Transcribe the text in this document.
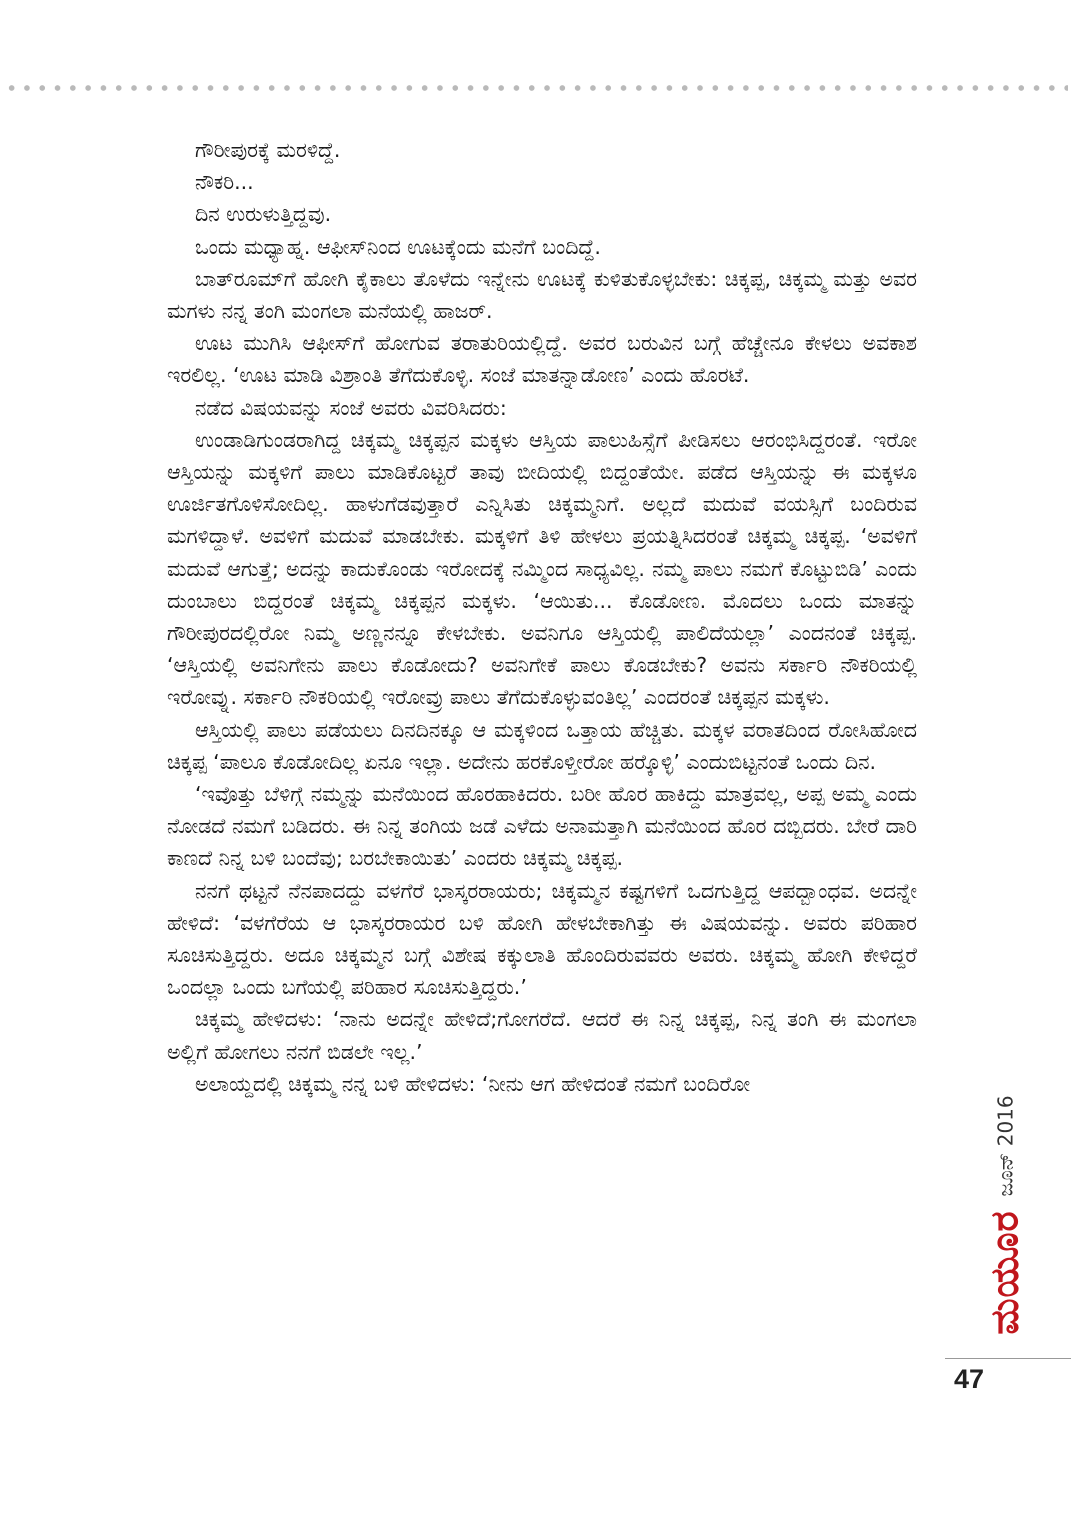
ಗೌರೀಪುರಕ್ಕೆ ಮರಳಿದ್ದೆ.

ನೌಕರಿ...

ದಿನ ಉರುಳುತ್ತಿದ್ದವು.

ಒಂದು ಮಧ್ಯಾಹ್ನ. ಆಫೀಸ್‌ನಿಂದ ಊಟಕ್ಕೆಂದು ಮನೆಗೆ ಬಂದಿದ್ದೆ.

ಬಾತ್‌ರೂಮ್‌ಗೆ ಹೋಗಿ ಕೈಕಾಲು ತೊಳೆದು ಇನ್ನೇನು ಊಟಕ್ಕೆ ಕುಳಿತುಕೊಳ್ಳಬೇಕು: ಚಿಕ್ಕಪ್ಪ, ಚಿಕ್ಕಮ್ಮ ಮತ್ತು ಅವರ ಮಗಳು ನನ್ನ ತಂಗಿ ಮಂಗಲಾ ಮನೆಯಲ್ಲಿ ಹಾಜರ್.

ಊಟ ಮುಗಿಸಿ ಆಫೀಸ್‌ಗೆ ಹೋಗುವ ತರಾತುರಿಯಲ್ಲಿದ್ದೆ. ಅವರ ಬರುವಿನ ಬಗ್ಗೆ ಹೆಚ್ಚೇನೂ ಕೇಳಲು ಅವಕಾಶ ಇರಲಿಲ್ಲ. ‘ಊಟ ಮಾಡಿ ವಿಶ್ರಾಂತಿ ತೆಗೆದುಕೊಳ್ಳಿ. ಸಂಜೆ ಮಾತನ್ನಾಡೋಣ’ ಎಂದು ಹೊರಟೆ.

ನಡೆದ ವಿಷಯವನ್ನು ಸಂಜೆ ಅವರು ವಿವರಿಸಿದರು:

ಉಂಡಾಡಿಗುಂಡರಾಗಿದ್ದ ಚಿಕ್ಕಮ್ಮ ಚಿಕ್ಕಪ್ಪನ ಮಕ್ಕಳು ಆಸ್ತಿಯ ಪಾಲುಹಿಸ್ಸೆಗೆ ಪೀಡಿಸಲು ಆರಂಭಿಸಿದ್ದರಂತೆ. ಇರೋ ಆಸ್ತಿಯನ್ನು ಮಕ್ಕಳಿಗೆ ಪಾಲು ಮಾಡಿಕೊಟ್ಟರೆ ತಾವು ಬೀದಿಯಲ್ಲಿ ಬಿದ್ದಂತೆಯೇ. ಪಡೆದ ಆಸ್ತಿಯನ್ನು ಈ ಮಕ್ಕಳೂ ಊರ್ಜಿತಗೊಳಿಸೋದಿಲ್ಲ. ಹಾಳುಗೆಡವುತ್ತಾರೆ ಎನ್ನಿಸಿತು ಚಿಕ್ಕಮ್ಮನಿಗೆ. ಅಲ್ಲದೆ ಮದುವೆ ವಯಸ್ಸಿಗೆ ಬಂದಿರುವ ಮಗಳಿದ್ದಾಳೆ. ಅವಳಿಗೆ ಮದುವೆ ಮಾಡಬೇಕು. ಮಕ್ಕಳಿಗೆ ತಿಳಿ ಹೇಳಲು ಪ್ರಯತ್ನಿಸಿದರಂತೆ ಚಿಕ್ಕಮ್ಮ ಚಿಕ್ಕಪ್ಪ. ‘ಅವಳಿಗೆ ಮದುವೆ ಆಗುತ್ತೆ; ಅದನ್ನು ಕಾದುಕೊಂಡು ಇರೋದಕ್ಕೆ ನಮ್ಮಿಂದ ಸಾಧ್ಯವಿಲ್ಲ. ನಮ್ಮ ಪಾಲು ನಮಗೆ ಕೊಟ್ಟುಬಿಡಿ’ ಎಂದು ದುಂಬಾಲು ಬಿದ್ದರಂತೆ ಚಿಕ್ಕಮ್ಮ ಚಿಕ್ಕಪ್ಪನ ಮಕ್ಕಳು. ‘ಆಯಿತು... ಕೊಡೋಣ. ಮೊದಲು ಒಂದು ಮಾತನ್ನು ಗೌರೀಪುರದಲ್ಲಿರೋ ನಿಮ್ಮ ಅಣ್ಣನನ್ನೂ ಕೇಳಬೇಕು. ಅವನಿಗೂ ಆಸ್ತಿಯಲ್ಲಿ ಪಾಲಿದೆಯಲ್ಲಾ’ ಎಂದನಂತೆ ಚಿಕ್ಕಪ್ಪ. ‘ಆಸ್ತಿಯಲ್ಲಿ ಅವನಿಗೇನು ಪಾಲು ಕೊಡೋದು? ಅವನಿಗೇಕೆ ಪಾಲು ಕೊಡಬೇಕು? ಅವನು ಸರ್ಕಾರಿ ನೌಕರಿಯಲ್ಲಿ ಇರೋವ್ನು. ಸರ್ಕಾರಿ ನೌಕರಿಯಲ್ಲಿ ಇರೋವ್ರು ಪಾಲು ತೆಗೆದುಕೊಳ್ಳುವಂತಿಲ್ಲ’ ಎಂದರಂತೆ ಚಿಕ್ಕಪ್ಪನ ಮಕ್ಕಳು.

ಆಸ್ತಿಯಲ್ಲಿ ಪಾಲು ಪಡೆಯಲು ದಿನದಿನಕ್ಕೂ ಆ ಮಕ್ಕಳಿಂದ ಒತ್ತಾಯ ಹೆಚ್ಚಿತು. ಮಕ್ಕಳ ವರಾತದಿಂದ ರೋಸಿಹೋದ ಚಿಕ್ಕಪ್ಪ ‘ಪಾಲೂ ಕೊಡೋದಿಲ್ಲ ಏನೂ ಇಲ್ಲಾ. ಅದೇನು ಹರಕೊಳ್ತೀರೋ ಹರ್‍ಕೊಳ್ಳಿ’ ಎಂದುಬಿಟ್ಟನಂತೆ ಒಂದು ದಿನ.

‘ಇವೊತ್ತು ಬೆಳಿಗ್ಗೆ ನಮ್ಮನ್ನು ಮನೆಯಿಂದ ಹೊರಹಾಕಿದರು. ಬರೀ ಹೊರ ಹಾಕಿದ್ದು ಮಾತ್ರವಲ್ಲ, ಅಪ್ಪ ಅಮ್ಮ ಎಂದು ನೋಡದೆ ನಮಗೆ ಬಡಿದರು. ಈ ನಿನ್ನ ತಂಗಿಯ ಜಡೆ ಎಳೆದು ಅನಾಮತ್ತಾಗಿ ಮನೆಯಿಂದ ಹೊರ ದಬ್ಬಿದರು. ಬೇರೆ ದಾರಿ ಕಾಣದೆ ನಿನ್ನ ಬಳಿ ಬಂದೆವು; ಬರಬೇಕಾಯಿತು’ ಎಂದರು ಚಿಕ್ಕಮ್ಮ ಚಿಕ್ಕಪ್ಪ.

ನನಗೆ ಥಟ್ಟನೆ ನೆನಪಾದದ್ದು ವಳಗೆರೆ ಭಾಸ್ಕರರಾಯರು; ಚಿಕ್ಕಮ್ಮನ ಕಷ್ಟಗಳಿಗೆ ಒದಗುತ್ತಿದ್ದ ಆಪದ್ಬಾಂಧವ. ಅದನ್ನೇ ಹೇಳಿದೆ: ‘ವಳಗೆರೆಯ ಆ ಭಾಸ್ಕರರಾಯರ ಬಳಿ ಹೋಗಿ ಹೇಳಬೇಕಾಗಿತ್ತು ಈ ವಿಷಯವನ್ನು. ಅವರು ಪರಿಹಾರ ಸೂಚಿಸುತ್ತಿದ್ದರು. ಅದೂ ಚಿಕ್ಕಮ್ಮನ ಬಗ್ಗೆ ವಿಶೇಷ ಕಕ್ಕುಲಾತಿ ಹೊಂದಿರುವವರು ಅವರು. ಚಿಕ್ಕಮ್ಮ ಹೋಗಿ ಕೇಳಿದ್ದರೆ ಒಂದಲ್ಲಾ ಒಂದು ಬಗೆಯಲ್ಲಿ ಪರಿಹಾರ ಸೂಚಿಸುತ್ತಿದ್ದರು.’

ಚಿಕ್ಕಮ್ಮ ಹೇಳಿದಳು: ‘ನಾನು ಅದನ್ನೇ ಹೇಳಿದೆ;ಗೋಗರೆದೆ. ಆದರೆ ಈ ನಿನ್ನ ಚಿಕ್ಕಪ್ಪ, ನಿನ್ನ ತಂಗಿ ಈ ಮಂಗಲಾ ಅಲ್ಲಿಗೆ ಹೋಗಲು ನನಗೆ ಬಿಡಲೇ ಇಲ್ಲ.’

ಅಲಾಯ್ದದಲ್ಲಿ ಚಿಕ್ಕಮ್ಮ ನನ್ನ ಬಳಿ ಹೇಳಿದಳು: ‘ನೀನು ಆಗ ಹೇಳಿದಂತೆ ನಮಗೆ ಬಂದಿರೋ

ಮಯೂರ
ಜೂನ್ 2016
47
